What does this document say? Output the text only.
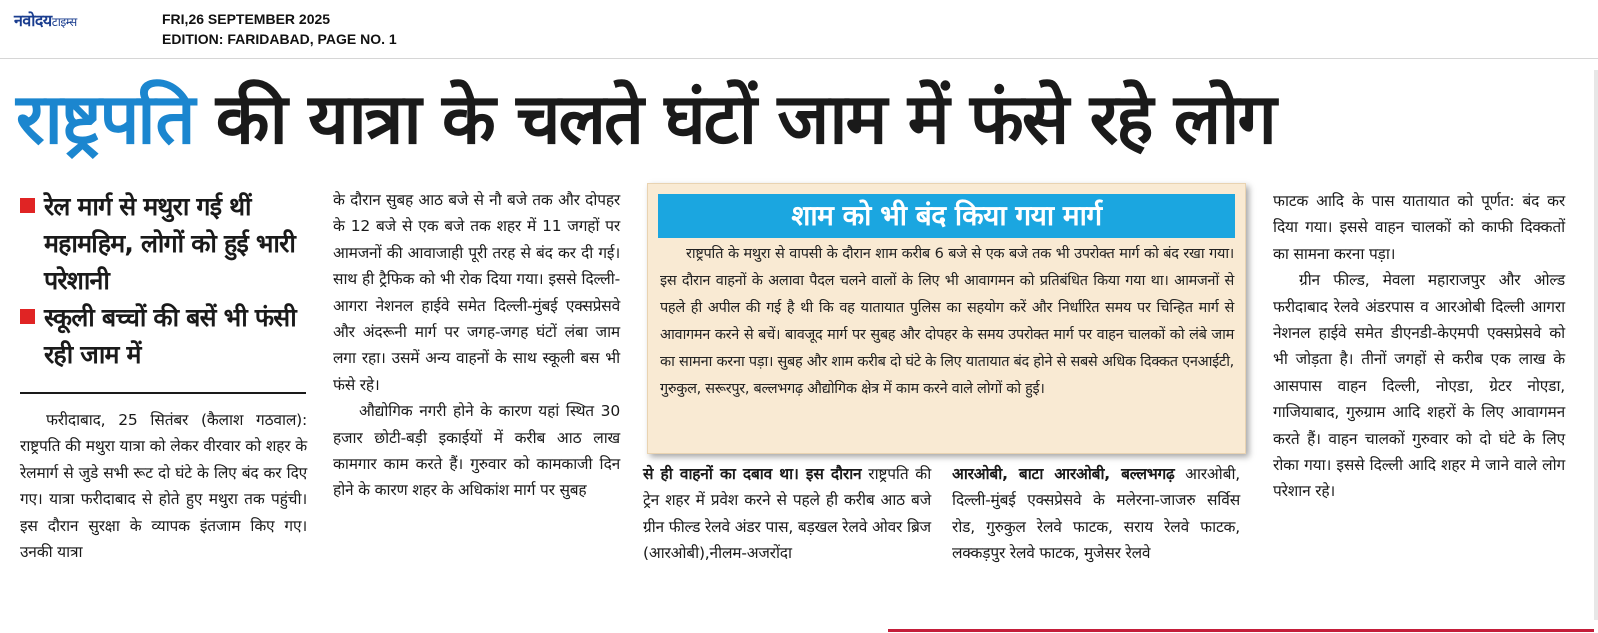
नवोदयटाइम्स	FRI,26 SEPTEMBER 2025
EDITION: FARIDABAD, PAGE NO. 1
राष्ट्रपति की यात्रा के चलते घंटों जाम में फंसे रहे लोग
रेल मार्ग से मथुरा गई थीं महामहिम, लोगों को हुई भारी परेशानी
स्कूली बच्चों की बसें भी फंसी रही जाम में

फरीदाबाद, 25 सितंबर (कैलाश गठवाल): राष्ट्रपति की मथुरा यात्रा को लेकर वीरवार को शहर के रेलमार्ग से जुडे सभी रूट दो घंटे के लिए बंद कर दिए गए। यात्रा फरीदाबाद से होते हुए मथुरा तक पहुंची। इस दौरान सुरक्षा के व्यापक इंतजाम किए गए। उनकी यात्रा

के दौरान सुबह आठ बजे से नौ बजे तक और दोपहर के 12 बजे से एक बजे तक शहर में 11 जगहों पर आमजनों की आवाजाही पूरी तरह से बंद कर दी गई। साथ ही ट्रैफिक को भी रोक दिया गया। इससे दिल्ली-आगरा नेशनल हाईवे समेत दिल्ली-मुंबई एक्सप्रेसवे और अंदरूनी मार्ग पर जगह-जगह घंटों लंबा जाम लगा रहा। उसमें अन्य वाहनों के साथ स्कूली बस भी फंसे रहे।

औद्योगिक नगरी होने के कारण यहां स्थित 30 हजार छोटी-बड़ी इकाईयों में करीब आठ लाख कामगार काम करते हैं। गुरुवार को कामकाजी दिन होने के कारण शहर के अधिकांश मार्ग पर सुबह

शाम को भी बंद किया गया मार्ग
राष्ट्रपति के मथुरा से वापसी के दौरान शाम करीब 6 बजे से एक बजे तक भी उपरोक्त मार्ग को बंद रखा गया। इस दौरान वाहनों के अलावा पैदल चलने वालों के लिए भी आवागमन को प्रतिबंधित किया गया था। आमजनों से पहले ही अपील की गई है थी कि वह यातायात पुलिस का सहयोग करें और निर्धारित समय पर चिन्हित मार्ग से आवागमन करने से बचें। बावजूद मार्ग पर सुबह और दोपहर के समय उपरोक्त मार्ग पर वाहन चालकों को लंबे जाम का सामना करना पड़ा। सुबह और शाम करीब दो घंटे के लिए यातायात बंद होने से सबसे अधिक दिक्कत एनआईटी, गुरुकुल, सरूरपुर, बल्लभगढ़ औद्योगिक क्षेत्र में काम करने वाले लोगों को हुई।

से ही वाहनों का दबाव था। इस दौरान राष्ट्रपति की ट्रेन शहर में प्रवेश करने से पहले ही करीब आठ बजे ग्रीन फील्ड रेलवे अंडर पास, बड़खल रेलवे ओवर ब्रिज (आरओबी),नीलम-अजरोंदा

आरओबी, बाटा आरओबी, बल्लभगढ़ आरओबी, दिल्ली-मुंबई एक्सप्रेसवे के मलेरना-जाजरु सर्विस रोड, गुरुकुल रेलवे फाटक, सराय रेलवे फाटक, लक्कड़पुर रेलवे फाटक, मुजेसर रेलवे

फाटक आदि के पास यातायात को पूर्णत: बंद कर दिया गया। इससे वाहन चालकों को काफी दिक्कतों का सामना करना पड़ा।

ग्रीन फील्ड, मेवला महाराजपुर और ओल्ड फरीदाबाद रेलवे अंडरपास व आरओबी दिल्ली आगरा नेशनल हाईवे समेत डीएनडी-केएमपी एक्सप्रेसवे को भी जोड़ता है। तीनों जगहों से करीब एक लाख के आसपास वाहन दिल्ली, नोएडा, ग्रेटर नोएडा, गाजियाबाद, गुरुग्राम आदि शहरों के लिए आवागमन करते हैं। वाहन चालकों गुरुवार को दो घंटे के लिए रोका गया। इससे दिल्ली आदि शहर मे जाने वाले लोग परेशान रहे।
